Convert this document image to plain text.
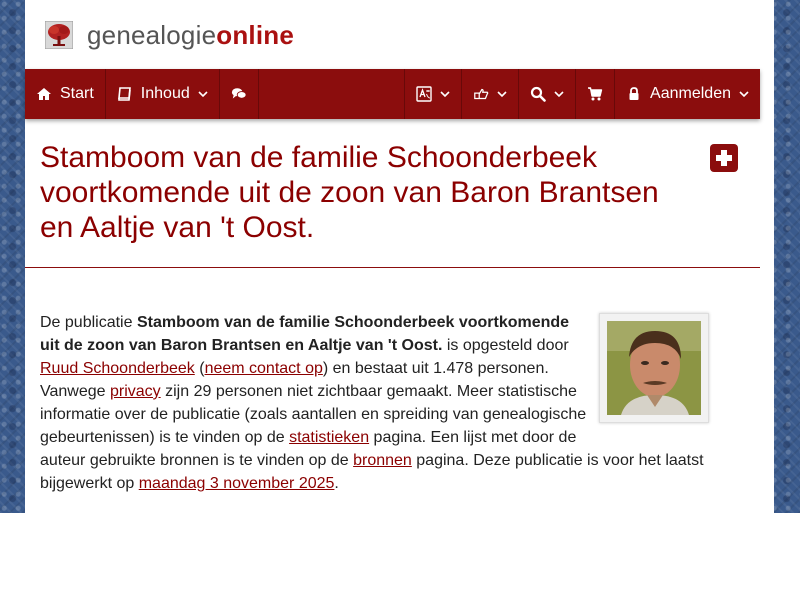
genealogieonline
Start	Inhoud	Aanmelden
Stamboom van de familie Schoonderbeek voortkomende uit de zoon van Baron Brantsen en Aaltje van 't Oost.
De publicatie Stamboom van de familie Schoonderbeek voortkomende uit de zoon van Baron Brantsen en Aaltje van 't Oost. is opgesteld door Ruud Schoonderbeek (neem contact op) en bestaat uit 1.478 personen. Vanwege privacy zijn 29 personen niet zichtbaar gemaakt. Meer statistische informatie over de publicatie (zoals aantallen en spreiding van genealogische gebeurtenissen) is te vinden op de statistieken pagina. Een lijst met door de auteur gebruikte bronnen is te vinden op de bronnen pagina. Deze publicatie is voor het laatst bijgewerkt op maandag 3 november 2025.
